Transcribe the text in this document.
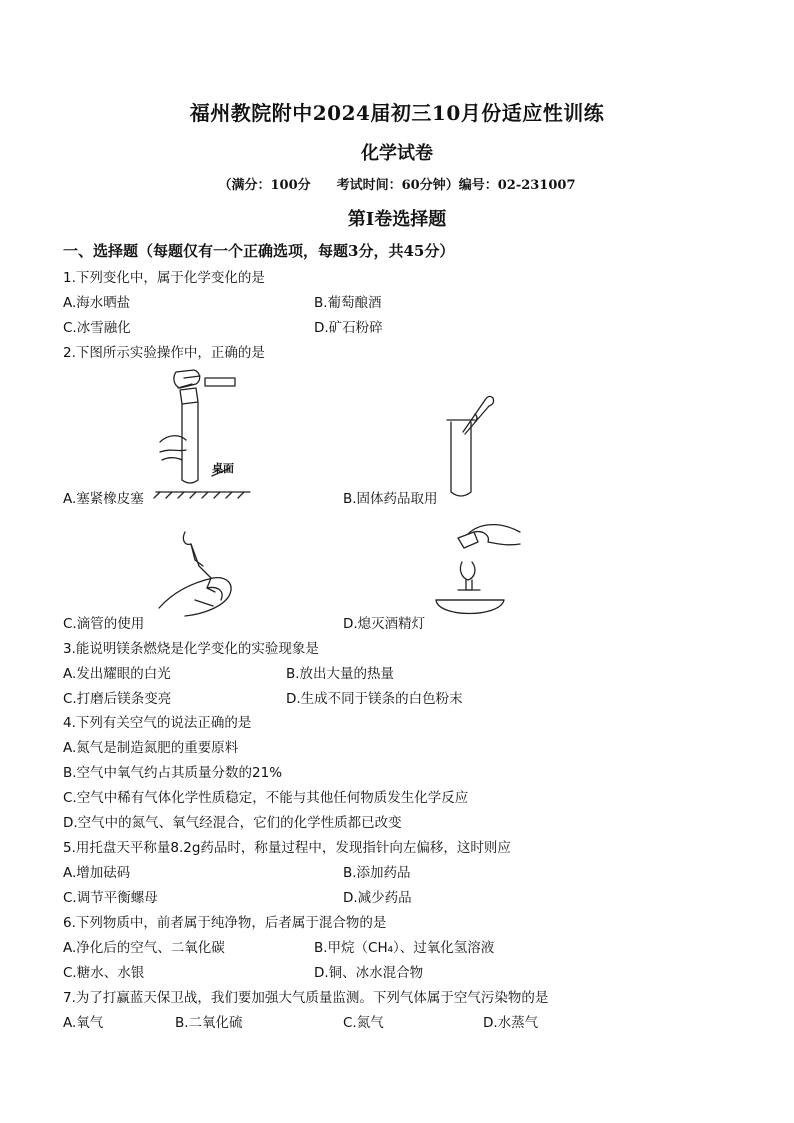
福州教院附中2024届初三10月份适应性训练
化学试卷
（满分：100分　　考试时间：60分钟）编号：02-231007
第Ⅰ卷选择题
一、选择题（每题仅有一个正确选项，每题3分，共45分）
1.下列变化中，属于化学变化的是
A.海水晒盐	B.葡萄酿酒
C.冰雪融化	D.矿石粉碎
2.下图所示实验操作中，正确的是
桌面
A.塞紧橡皮塞	B.固体药品取用
C.滴管的使用	D.熄灭酒精灯
3.能说明镁条燃烧是化学变化的实验现象是
A.发出耀眼的白光	B.放出大量的热量
C.打磨后镁条变亮	D.生成不同于镁条的白色粉末
4.下列有关空气的说法正确的是
A.氮气是制造氮肥的重要原料
B.空气中氧气约占其质量分数的21%
C.空气中稀有气体化学性质稳定，不能与其他任何物质发生化学反应
D.空气中的氮气、氧气经混合，它们的化学性质都已改变
5.用托盘天平称量8.2g药品时，称量过程中，发现指针向左偏移，这时则应
A.增加砝码	B.添加药品
C.调节平衡螺母	D.减少药品
6.下列物质中，前者属于纯净物，后者属于混合物的是
A.净化后的空气、二氧化碳	B.甲烷（CH₄）、过氧化氢溶液
C.糖水、水银	D.铜、冰水混合物
7.为了打赢蓝天保卫战，我们要加强大气质量监测。下列气体属于空气污染物的是
A.氧气	B.二氧化硫	C.氮气	D.水蒸气
